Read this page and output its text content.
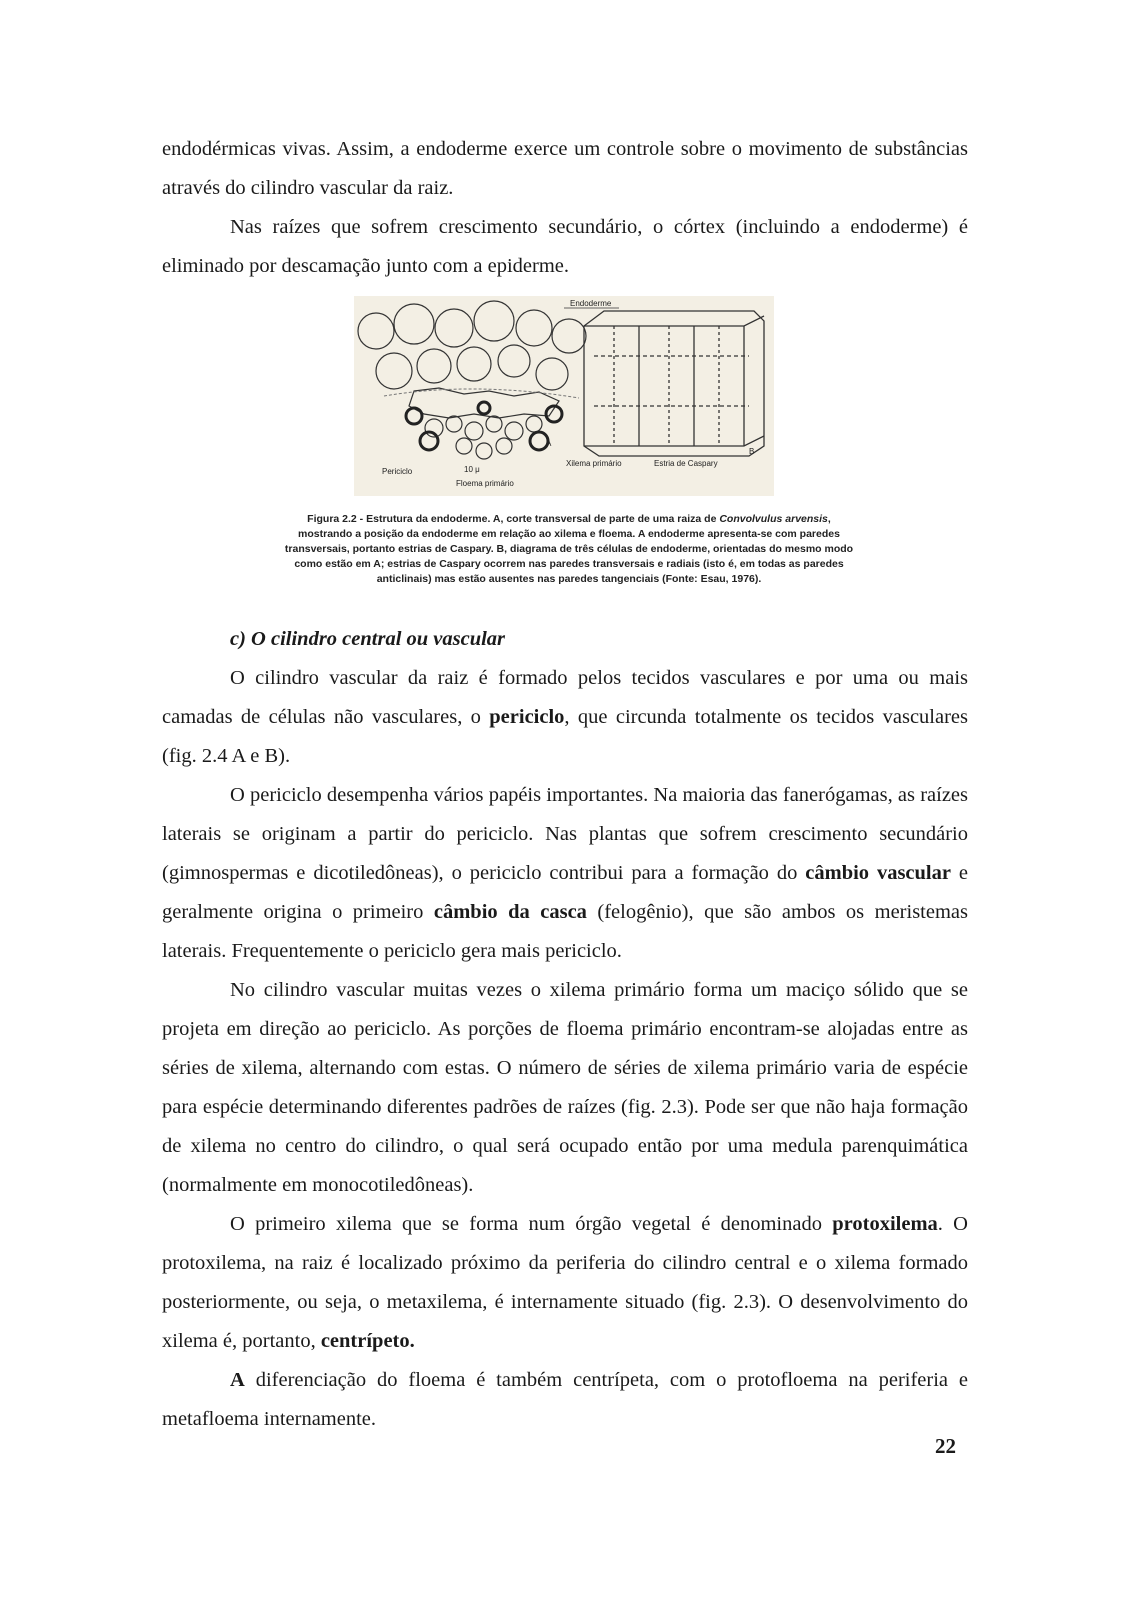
endodérmicas vivas. Assim, a endoderme exerce um controle sobre o movimento de substâncias através do cilindro vascular da raiz.

Nas raízes que sofrem crescimento secundário, o córtex (incluindo a endoderme) é eliminado por descamação junto com a epiderme.

Endoderme
Periciclo	10 μ
Floema primário
Xilema primário	Estria de Caspary
A
B
Figura 2.2 - Estrutura da endoderme. A, corte transversal de parte de uma raiza de Convolvulus arvensis, mostrando a posição da endoderme em relação ao xilema e floema. A endoderme apresenta-se com paredes transversais, portanto estrias de Caspary. B, diagrama de três células de endoderme, orientadas do mesmo modo como estão em A; estrias de Caspary ocorrem nas paredes transversais e radiais (isto é, em todas as paredes anticlinais) mas estão ausentes nas paredes tangenciais (Fonte: Esau, 1976).

c) O cilindro central ou vascular

O cilindro vascular da raiz é formado pelos tecidos vasculares e por uma ou mais camadas de células não vasculares, o periciclo, que circunda totalmente os tecidos vasculares (fig. 2.4 A e B).

O periciclo desempenha vários papéis importantes. Na maioria das fanerógamas, as raízes laterais se originam a partir do periciclo. Nas plantas que sofrem crescimento secundário (gimnospermas e dicotiledôneas), o periciclo contribui para a formação do câmbio vascular e geralmente origina o primeiro câmbio da casca (felogênio), que são ambos os meristemas laterais. Frequentemente o periciclo gera mais periciclo.

No cilindro vascular muitas vezes o xilema primário forma um maciço sólido que se projeta em direção ao periciclo. As porções de floema primário encontram-se alojadas entre as séries de xilema, alternando com estas. O número de séries de xilema primário varia de espécie para espécie determinando diferentes padrões de raízes (fig. 2.3). Pode ser que não haja formação de xilema no centro do cilindro, o qual será ocupado então por uma medula parenquimática (normalmente em monocotiledôneas).

O primeiro xilema que se forma num órgão vegetal é denominado protoxilema. O protoxilema, na raiz é localizado próximo da periferia do cilindro central e o xilema formado posteriormente, ou seja, o metaxilema, é internamente situado (fig. 2.3). O desenvolvimento do xilema é, portanto, centrípeto.

A diferenciação do floema é também centrípeta, com o protofloema na periferia e metafloema internamente.

22
